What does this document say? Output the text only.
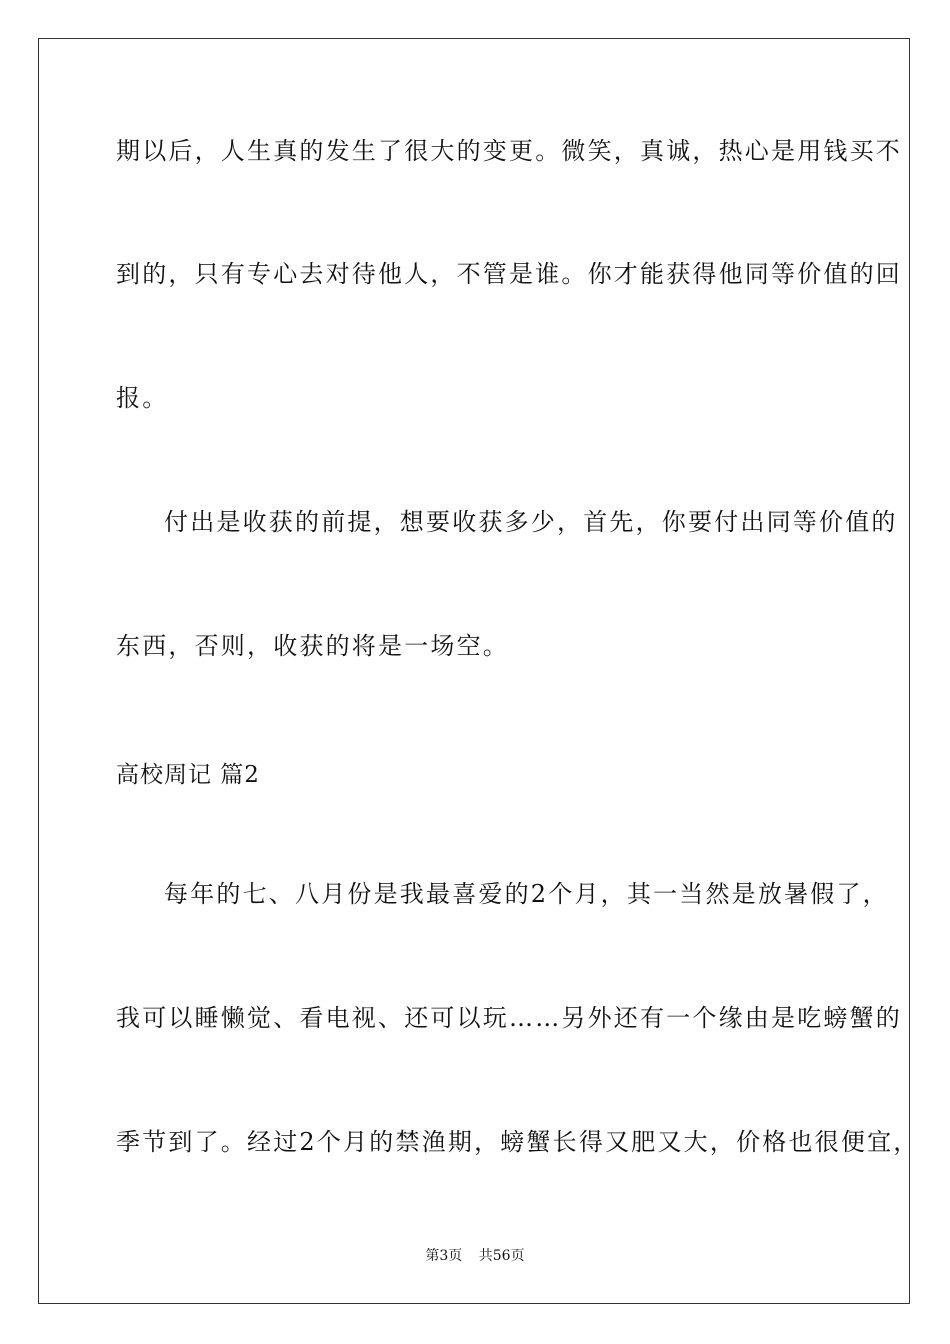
期以后，人生真的发生了很大的变更。微笑，真诚，热心是用钱买不
到的，只有专心去对待他人，不管是谁。你才能获得他同等价值的回
报。
付出是收获的前提，想要收获多少，首先，你要付出同等价值的
东西，否则，收获的将是一场空。
高校周记 篇2
每年的七、八月份是我最喜爱的2个月，其一当然是放暑假了，
我可以睡懒觉、看电视、还可以玩……另外还有一个缘由是吃螃蟹的
季节到了。经过2个月的禁渔期，螃蟹长得又肥又大，价格也很便宜，
第3页 共56页
